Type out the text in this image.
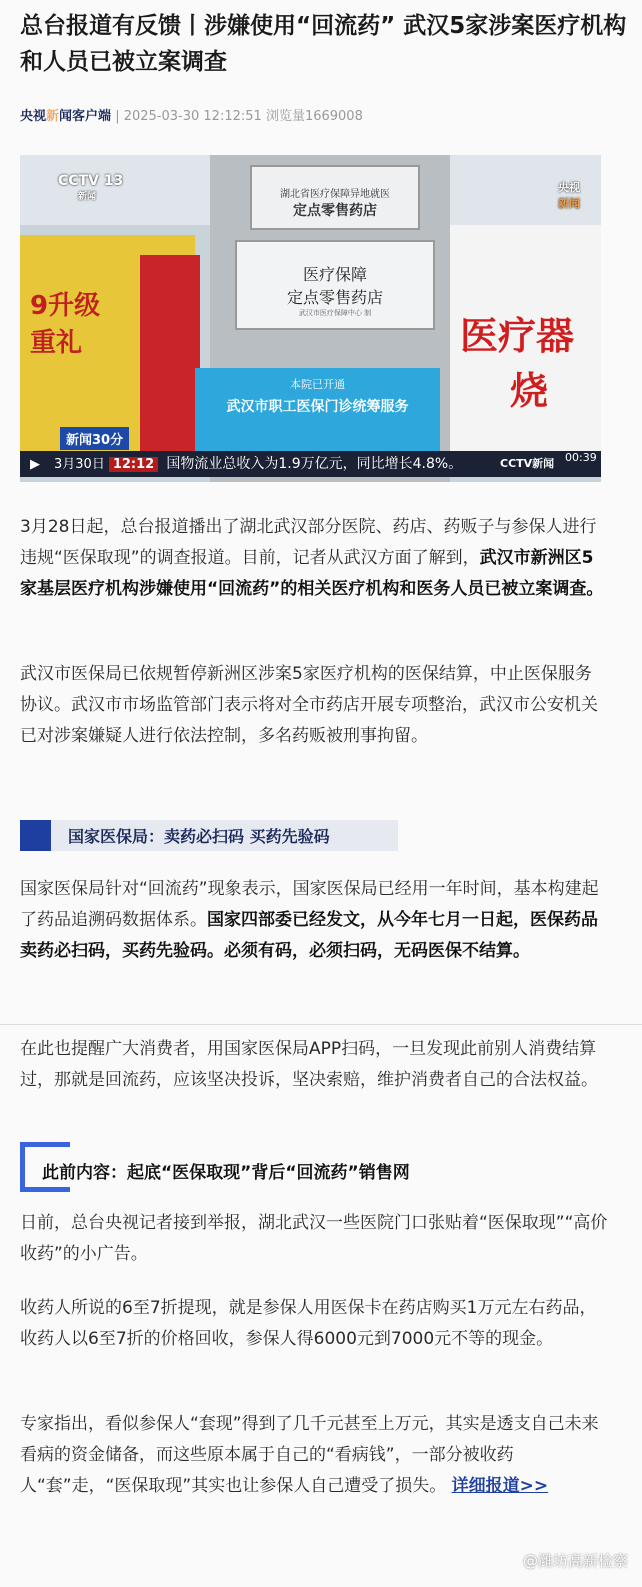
总台报道有反馈丨涉嫌使用“回流药” 武汉5家涉案医疗机构和人员已被立案调查
央视新闻客户端 | 2025-03-30 12:12:51 浏览量1669008
9升级
重礼
湖北省医疗保障异地就医
定点零售药店
医疗保障
定点零售药店
武汉市医疗保障中心 制
本院已开通
武汉市职工医保门诊统筹服务
医疗器
烧
CCTV 13
新闻
央视
新闻
新闻30分
▶ 3月30日 12:12 国物流业总收入为1.9万亿元，同比增长4.8%。	CCTV新闻 00:39
3月28日起，总台报道播出了湖北武汉部分医院、药店、药贩子与参保人进行违规“医保取现”的调查报道。目前，记者从武汉方面了解到，武汉市新洲区5家基层医疗机构涉嫌使用“回流药”的相关医疗机构和医务人员已被立案调查。
武汉市医保局已依规暂停新洲区涉案5家医疗机构的医保结算，中止医保服务协议。武汉市市场监管部门表示将对全市药店开展专项整治，武汉市公安机关已对涉案嫌疑人进行依法控制，多名药贩被刑事拘留。
国家医保局：卖药必扫码 买药先验码
国家医保局针对“回流药”现象表示，国家医保局已经用一年时间，基本构建起了药品追溯码数据体系。国家四部委已经发文，从今年七月一日起，医保药品卖药必扫码，买药先验码。必须有码，必须扫码，无码医保不结算。
在此也提醒广大消费者，用国家医保局APP扫码，一旦发现此前别人消费结算过，那就是回流药，应该坚决投诉，坚决索赔，维护消费者自己的合法权益。
此前内容：起底“医保取现”背后“回流药”销售网
日前，总台央视记者接到举报，湖北武汉一些医院门口张贴着“医保取现”“高价收药”的小广告。
收药人所说的6至7折提现，就是参保人用医保卡在药店购买1万元左右药品，收药人以6至7折的价格回收，参保人得6000元到7000元不等的现金。
专家指出，看似参保人“套现”得到了几千元甚至上万元，其实是透支自己未来看病的资金储备，而这些原本属于自己的“看病钱”，一部分被收药人“套”走，“医保取现”其实也让参保人自己遭受了损失。 详细报道>>
@潍坊高新检察
